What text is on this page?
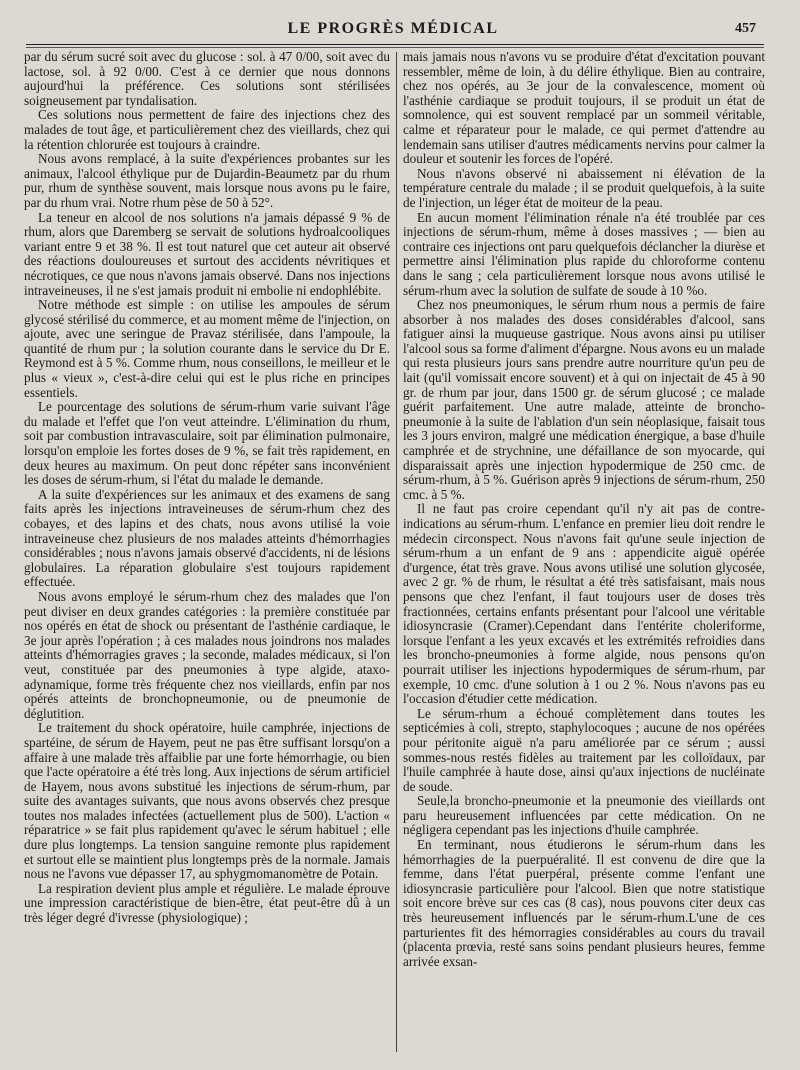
LE PROGRÈS MÉDICAL	457

par du sérum sucré soit avec du glucose : sol. à 47 0/00, soit avec du lactose, sol. à 92 0/00. C'est à ce dernier que nous donnons aujourd'hui la préférence. Ces solutions sont stérilisées soigneusement par tyndalisation.

Ces solutions nous permettent de faire des injections chez des malades de tout âge, et particulièrement chez des vieillards, chez qui la rétention chlorurée est toujours à craindre.

Nous avons remplacé, à la suite d'expériences probantes sur les animaux, l'alcool éthylique pur de Dujardin-Beaumetz par du rhum pur, rhum de synthèse souvent, mais lorsque nous avons pu le faire, par du rhum vrai. Notre rhum pèse de 50 à 52°.

La teneur en alcool de nos solutions n'a jamais dépassé 9 % de rhum, alors que Daremberg se servait de solutions hydroalcooliques variant entre 9 et 38 %. Il est tout naturel que cet auteur ait observé des réactions douloureuses et surtout des accidents névritiques et nécrotiques, ce que nous n'avons jamais observé. Dans nos injections intraveineuses, il ne s'est jamais produit ni embolie ni endophlébite.

Notre méthode est simple : on utilise les ampoules de sérum glycosé stérilisé du commerce, et au moment même de l'injection, on ajoute, avec une seringue de Pravaz stérilisée, dans l'ampoule, la quantité de rhum pur ; la solution courante dans le service du Dr E. Reymond est à 5 %. Comme rhum, nous conseillons, le meilleur et le plus « vieux », c'est-à-dire celui qui est le plus riche en principes essentiels.

Le pourcentage des solutions de sérum-rhum varie suivant l'âge du malade et l'effet que l'on veut atteindre. L'élimination du rhum, soit par combustion intravasculaire, soit par élimination pulmonaire, lorsqu'on emploie les fortes doses de 9 %, se fait très rapidement, en deux heures au maximum. On peut donc répéter sans inconvénient les doses de sérum-rhum, si l'état du malade le demande.

A la suite d'expériences sur les animaux et des examens de sang faits après les injections intraveineuses de sérum-rhum chez des cobayes, et des lapins et des chats, nous avons utilisé la voie intraveineuse chez plusieurs de nos malades atteints d'hémorrhagies considérables ; nous n'avons jamais observé d'accidents, ni de lésions globulaires. La réparation globulaire s'est toujours rapidement effectuée.

Nous avons employé le sérum-rhum chez des malades que l'on peut diviser en deux grandes catégories : la première constituée par nos opérés en état de shock ou présentant de l'asthénie cardiaque, le 3e jour après l'opération ; à ces malades nous joindrons nos malades atteints d'hémorragies graves ; la seconde, malades médicaux, si l'on veut, constituée par des pneumonies à type algide, ataxo-adynamique, forme très fréquente chez nos vieillards, enfin par nos opérés atteints de bronchopneumonie, ou de pneumonie de déglutition.

Le traitement du shock opératoire, huile camphrée, injections de spartéine, de sérum de Hayem, peut ne pas être suffisant lorsqu'on a affaire à une malade très affaiblie par une forte hémorrhagie, ou bien que l'acte opératoire a été très long. Aux injections de sérum artificiel de Hayem, nous avons substitué les injections de sérum-rhum, par suite des avantages suivants, que nous avons observés chez presque toutes nos malades infectées (actuellement plus de 500). L'action « réparatrice » se fait plus rapidement qu'avec le sérum habituel ; elle dure plus longtemps. La tension sanguine remonte plus rapidement et surtout elle se maintient plus longtemps près de la normale. Jamais nous ne l'avons vue dépasser 17, au sphygmomanomètre de Potain.

La respiration devient plus ample et régulière. Le malade éprouve une impression caractéristique de bien-être, état peut-être dû à un très léger degré d'ivresse (physiologique) ;

mais jamais nous n'avons vu se produire d'état d'excitation pouvant ressembler, même de loin, à du délire éthylique. Bien au contraire, chez nos opérés, au 3e jour de la convalescence, moment où l'asthénie cardiaque se produit toujours, il se produit un état de somnolence, qui est souvent remplacé par un sommeil véritable, calme et réparateur pour le malade, ce qui permet d'attendre au lendemain sans utiliser d'autres médicaments nervins pour calmer la douleur et soutenir les forces de l'opéré.

Nous n'avons observé ni abaissement ni élévation de la température centrale du malade ; il se produit quelquefois, à la suite de l'injection, un léger état de moiteur de la peau.

En aucun moment l'élimination rénale n'a été troublée par ces injections de sérum-rhum, même à doses massives ; — bien au contraire ces injections ont paru quelquefois déclancher la diurèse et permettre ainsi l'élimination plus rapide du chloroforme contenu dans le sang ; cela particulièrement lorsque nous avons utilisé le sérum-rhum avec la solution de sulfate de soude à 10 %o.

Chez nos pneumoniques, le sérum rhum nous a permis de faire absorber à nos malades des doses considérables d'alcool, sans fatiguer ainsi la muqueuse gastrique. Nous avons ainsi pu utiliser l'alcool sous sa forme d'aliment d'épargne. Nous avons eu un malade qui resta plusieurs jours sans prendre autre nourriture qu'un peu de lait (qu'il vomissait encore souvent) et à qui on injectait de 45 à 90 gr. de rhum par jour, dans 1500 gr. de sérum glucosé ; ce malade guérit parfaitement. Une autre malade, atteinte de broncho-pneumonie à la suite de l'ablation d'un sein néoplasique, faisait tous les 3 jours environ, malgré une médication énergique, a base d'huile camphrée et de strychnine, une défaillance de son myocarde, qui disparaissait après une injection hypodermique de 250 cmc. de sérum-rhum, à 5 %. Guérison après 9 injections de sérum-rhum, 250 cmc. à 5 %.

Il ne faut pas croire cependant qu'il n'y ait pas de contre-indications au sérum-rhum. L'enfance en premier lieu doit rendre le médecin circonspect. Nous n'avons fait qu'une seule injection de sérum-rhum a un enfant de 9 ans : appendicite aiguë opérée d'urgence, état très grave. Nous avons utilisé une solution glycosée, avec 2 gr. % de rhum, le résultat a été très satisfaisant, mais nous pensons que chez l'enfant, il faut toujours user de doses très fractionnées, certains enfants présentant pour l'alcool une véritable idiosyncrasie (Cramer).Cependant dans l'entérite choleriforme, lorsque l'enfant a les yeux excavés et les extrémités refroidies dans les broncho-pneumonies à forme algide, nous pensons qu'on pourrait utiliser les injections hypodermiques de sérum-rhum, par exemple, 10 cmc. d'une solution à 1 ou 2 %. Nous n'avons pas eu l'occasion d'étudier cette médication.

Le sérum-rhum a échoué complètement dans toutes les septicémies à coli, strepto, staphylocoques ; aucune de nos opérées pour péritonite aiguë n'a paru améliorée par ce sérum ; aussi sommes-nous restés fidèles au traitement par les colloïdaux, par l'huile camphrée à haute dose, ainsi qu'aux injections de nucléinate de soude.

Seule,la broncho-pneumonie et la pneumonie des vieillards ont paru heureusement influencées par cette médication. On ne négligera cependant pas les injections d'huile camphrée.

En terminant, nous étudierons le sérum-rhum dans les hémorrhagies de la puerpuéralité. Il est convenu de dire que la femme, dans l'état puerpéral, présente comme l'enfant une idiosyncrasie particulière pour l'alcool. Bien que notre statistique soit encore brève sur ces cas (8 cas), nous pouvons citer deux cas très heureusement influencés par le sérum-rhum.L'une de ces parturientes fit des hémorragies considérables au cours du travail (placenta prœvia, resté sans soins pendant plusieurs heures, femme arrivée exsan-
